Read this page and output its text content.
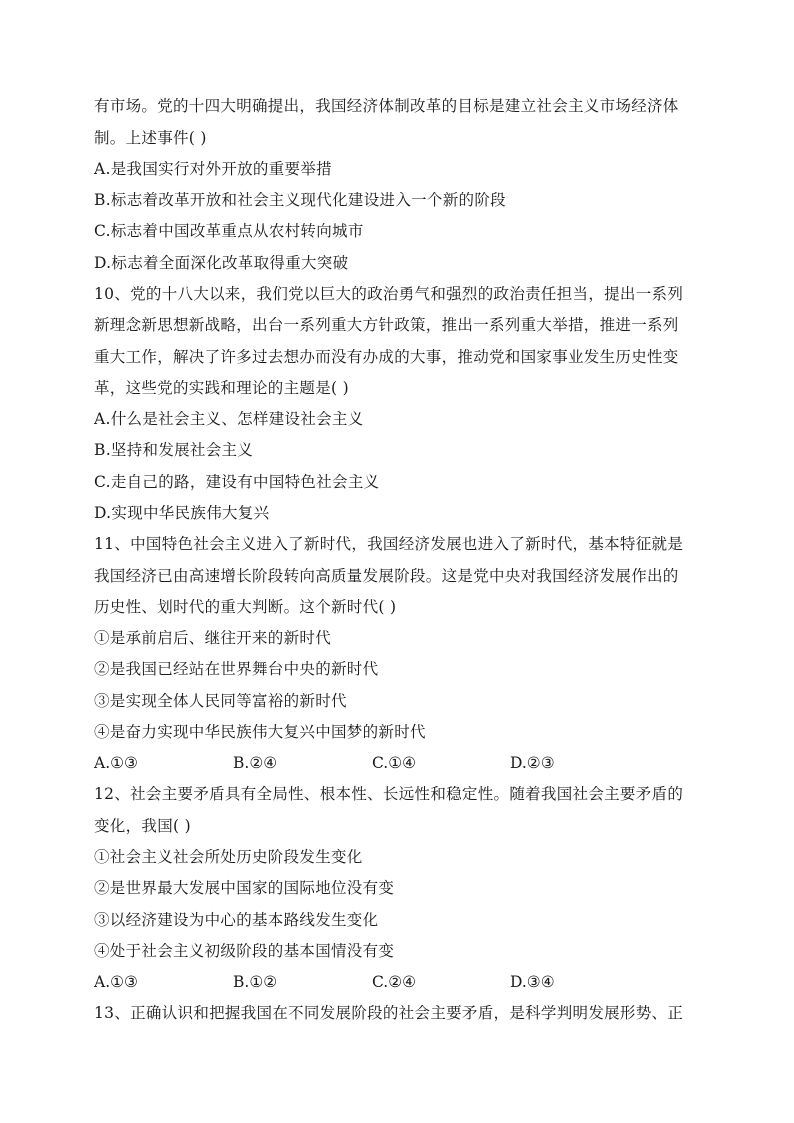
有市场。党的十四大明确提出，我国经济体制改革的目标是建立社会主义市场经济体
制。上述事件( )
A.是我国实行对外开放的重要举措
B.标志着改革开放和社会主义现代化建设进入一个新的阶段
C.标志着中国改革重点从农村转向城市
D.标志着全面深化改革取得重大突破
10、党的十八大以来，我们党以巨大的政治勇气和强烈的政治责任担当，提出一系列
新理念新思想新战略，出台一系列重大方针政策，推出一系列重大举措，推进一系列
重大工作，解决了许多过去想办而没有办成的大事，推动党和国家事业发生历史性变
革，这些党的实践和理论的主题是( )
A.什么是社会主义、怎样建设社会主义
B.坚持和发展社会主义
C.走自己的路，建设有中国特色社会主义
D.实现中华民族伟大复兴
11、中国特色社会主义进入了新时代，我国经济发展也进入了新时代，基本特征就是
我国经济已由高速增长阶段转向高质量发展阶段。这是党中央对我国经济发展作出的
历史性、划时代的重大判断。这个新时代( )
①是承前启后、继往开来的新时代
②是我国已经站在世界舞台中央的新时代
③是实现全体人民同等富裕的新时代
④是奋力实现中华民族伟大复兴中国梦的新时代
A.①③	B.②④	C.①④	D.②③
12、社会主要矛盾具有全局性、根本性、长远性和稳定性。随着我国社会主要矛盾的
变化，我国( )
①社会主义社会所处历史阶段发生变化
②是世界最大发展中国家的国际地位没有变
③以经济建设为中心的基本路线发生变化
④处于社会主义初级阶段的基本国情没有变
A.①③	B.①②	C.②④	D.③④
13、正确认识和把握我国在不同发展阶段的社会主要矛盾，是科学判明发展形势、正
